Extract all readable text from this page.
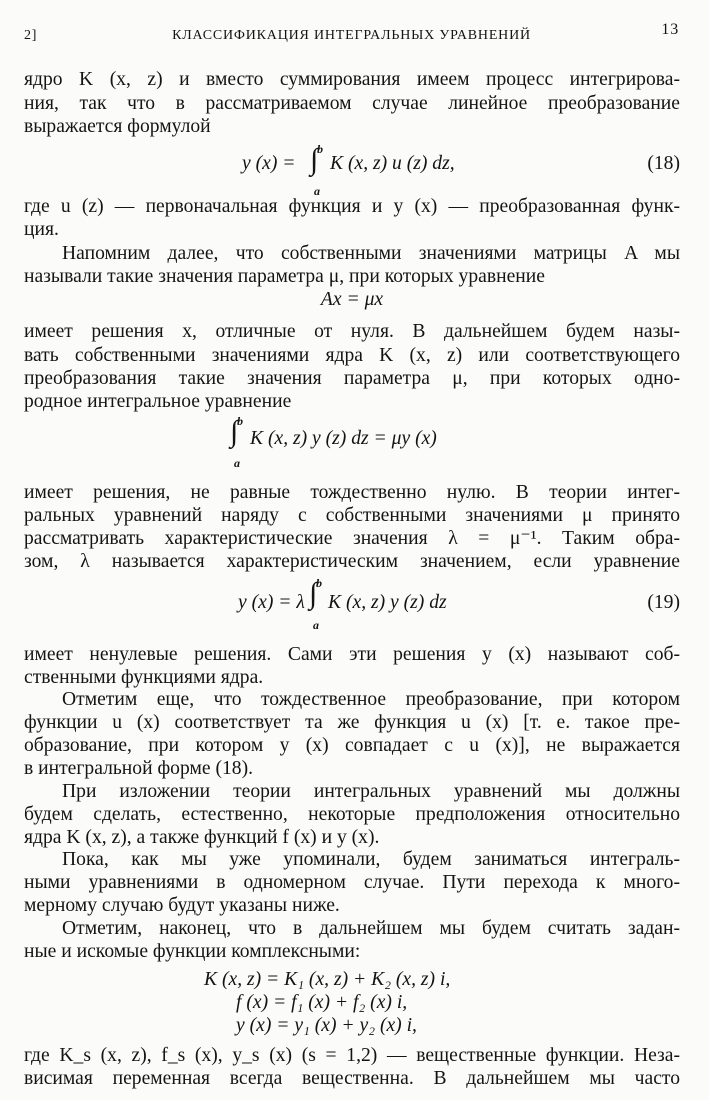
2]	КЛАССИФИКАЦИЯ ИНТЕГРАЛЬНЫХ УРАВНЕНИЙ	13
ядро K (x, z) и вместо суммирования имеем процесс интегрирова-
ния, так что в рассматриваемом случае линейное преобразование
выражается формулой
y (x) =
b
∫
a
K (x, z) u (z) dz,	(18)
где u (z) — первоначальная функция и y (x) — преобразованная функ-
ция.
Напомним далее, что собственными значениями матрицы A мы
называли такие значения параметра μ, при которых уравнение
Ax = μx
имеет решения x, отличные от нуля. В дальнейшем будем назы-
вать собственными значениями ядра K (x, z) или соответствующего
преобразования такие значения параметра μ, при которых одно-
родное интегральное уравнение
b
∫
a
K (x, z) y (z) dz = μy (x)
имеет решения, не равные тождественно нулю. В теории интег-
ральных уравнений наряду с собственными значениями μ принято
рассматривать характеристические значения λ = μ⁻¹. Таким обра-
зом, λ называется характеристическим значением, если уравнение
y (x) = λ
b
∫
a
K (x, z) y (z) dz	(19)
имеет ненулевые решения. Сами эти решения y (x) называют соб-
ственными функциями ядра.
Отметим еще, что тождественное преобразование, при котором
функции u (x) соответствует та же функция u (x) [т. е. такое пре-
образование, при котором y (x) совпадает с u (x)], не выражается
в интегральной форме (18).
При изложении теории интегральных уравнений мы должны
будем сделать, естественно, некоторые предположения относительно
ядра K (x, z), а также функций f (x) и y (x).
Пока, как мы уже упоминали, будем заниматься интеграль-
ными уравнениями в одномерном случае. Пути перехода к много-
мерному случаю будут указаны ниже.
Отметим, наконец, что в дальнейшем мы будем считать задан-
ные и искомые функции комплексными:
K (x, z) = K₁ (x, z) + K₂ (x, z) i,
f (x) = f₁ (x) + f₂ (x) i,
y (x) = y₁ (x) + y₂ (x) i,
где K_s (x, z), f_s (x), y_s (x) (s = 1,2) — вещественные функции. Неза-
висимая переменная всегда вещественна. В дальнейшем мы часто
